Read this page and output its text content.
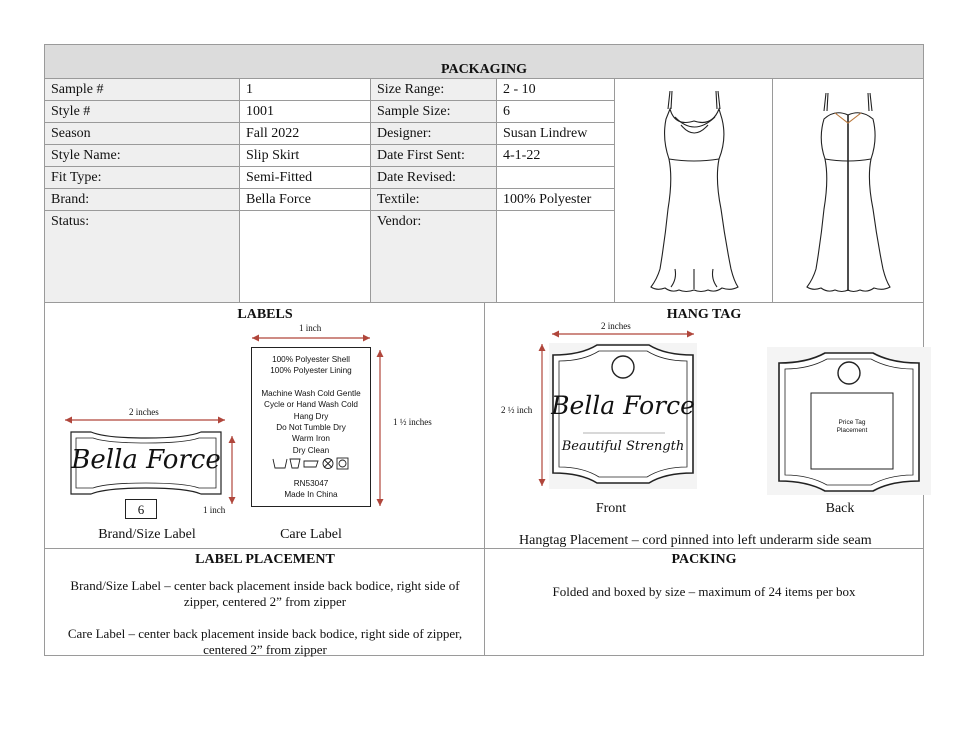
PACKAGING
Sample #
Style #
Season
Style Name:
Fit Type:
Brand:
Status:
1
1001
Fall 2022
Slip Skirt
Semi-Fitted
Bella Force
Size Range:
Sample Size:
Designer:
Date First Sent:
Date Revised:
Textile:
Vendor:
2 - 10
6
Susan Lindrew
4-1-22
100% Polyester
LABELS
2 inches
1 inch
Bella Force
6
Brand/Size Label
1 inch
100% Polyester Shell
100% Polyester Lining
Machine Wash Cold Gentle
Cycle or Hand Wash Cold
Hang Dry
Do Not Tumble Dry
Warm Iron
Dry Clean
RN53047
Made In China
1 ½ inches
Care Label
HANG TAG
2 inches
2 ½ inch Bella Force
Beautiful Strength
Front
Price Tag
Placement
Back
Hangtag Placement – cord pinned into left underarm side seam
LABEL PLACEMENT
Brand/Size Label – center back placement inside back bodice, right side of zipper, centered 2” from zipper
Care Label – center back placement inside back bodice, right side of zipper, centered 2” from zipper
PACKING
Folded and boxed by size – maximum of 24 items per box
